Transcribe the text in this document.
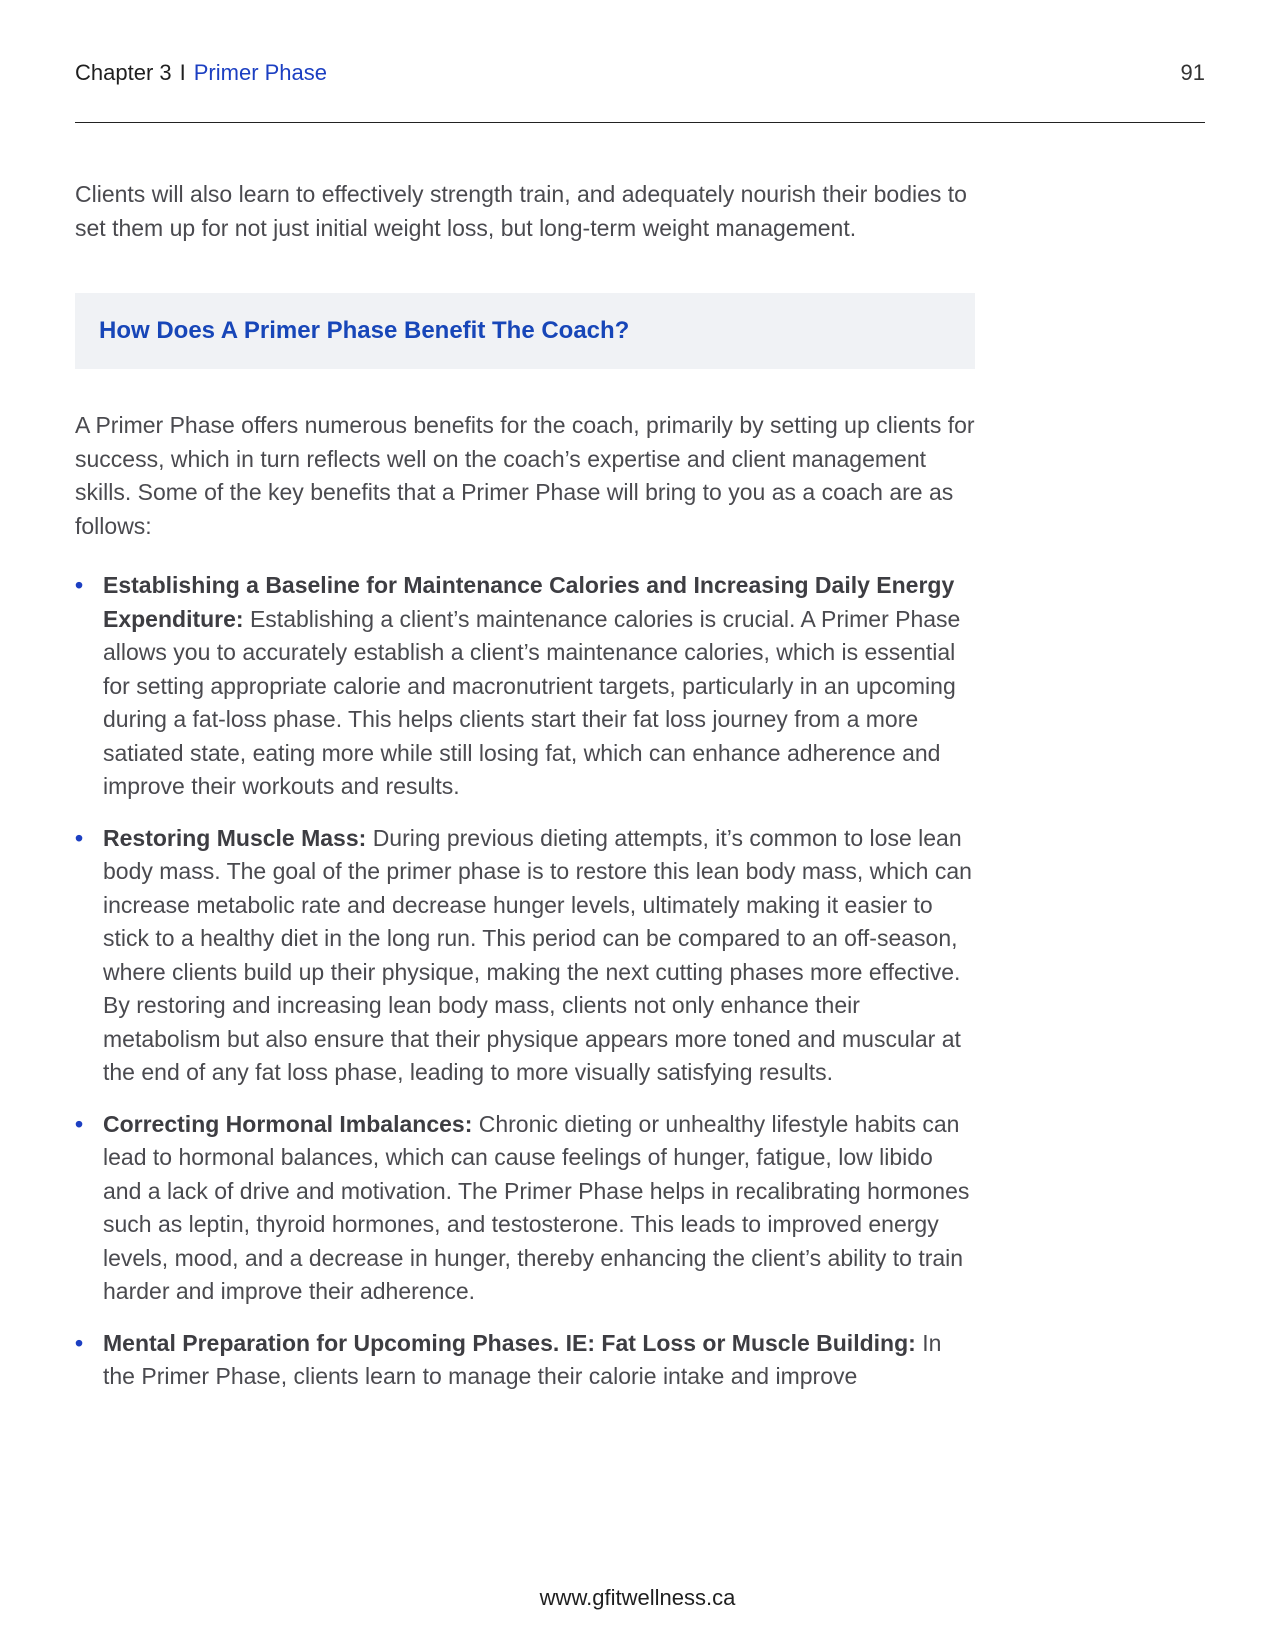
Chapter 3 I Primer Phase	91

Clients will also learn to effectively strength train, and adequately nourish their bodies to set them up for not just initial weight loss, but long-term weight management.

How Does A Primer Phase Benefit The Coach?

A Primer Phase offers numerous benefits for the coach, primarily by setting up clients for success, which in turn reflects well on the coach’s expertise and client management skills. Some of the key benefits that a Primer Phase will bring to you as a coach are as follows:

• Establishing a Baseline for Maintenance Calories and Increasing Daily Energy Expenditure: Establishing a client’s maintenance calories is crucial. A Primer Phase allows you to accurately establish a client’s maintenance calories, which is essential for setting appropriate calorie and macronutrient targets, particularly in an upcoming during a fat-loss phase. This helps clients start their fat loss journey from a more satiated state, eating more while still losing fat, which can enhance adherence and improve their workouts and results.
• Restoring Muscle Mass: During previous dieting attempts, it’s common to lose lean body mass. The goal of the primer phase is to restore this lean body mass, which can increase metabolic rate and decrease hunger levels, ultimately making it easier to stick to a healthy diet in the long run. This period can be compared to an off-season, where clients build up their physique, making the next cutting phases more effective. By restoring and increasing lean body mass, clients not only enhance their metabolism but also ensure that their physique appears more toned and muscular at the end of any fat loss phase, leading to more visually satisfying results.
• Correcting Hormonal Imbalances: Chronic dieting or unhealthy lifestyle habits can lead to hormonal balances, which can cause feelings of hunger, fatigue, low libido and a lack of drive and motivation. The Primer Phase helps in recalibrating hormones such as leptin, thyroid hormones, and testosterone. This leads to improved energy levels, mood, and a decrease in hunger, thereby enhancing the client’s ability to train harder and improve their adherence.
• Mental Preparation for Upcoming Phases. IE: Fat Loss or Muscle Building: In the Primer Phase, clients learn to manage their calorie intake and improve
www.gfitwellness.ca
